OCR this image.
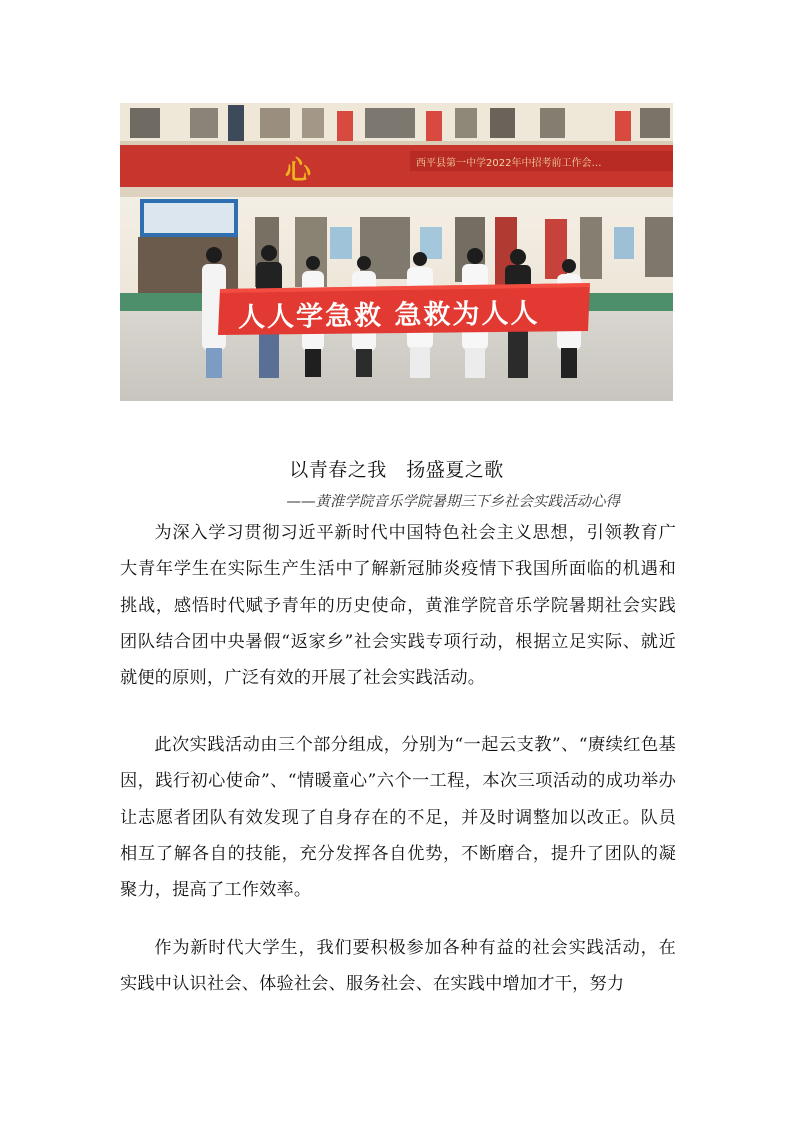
心	西平县第一中学2022年中招考前工作会…
人人学急救 急救为人人
以青春之我   扬盛夏之歌
——黄淮学院音乐学院暑期三下乡社会实践活动心得

为深入学习贯彻习近平新时代中国特色社会主义思想，引领教育广大青年学生在实际生产生活中了解新冠肺炎疫情下我国所面临的机遇和挑战，感悟时代赋予青年的历史使命，黄淮学院音乐学院暑期社会实践团队结合团中央暑假“返家乡”社会实践专项行动，根据立足实际、就近就便的原则，广泛有效的开展了社会实践活动。

此次实践活动由三个部分组成，分别为“一起云支教”、“赓续红色基因，践行初心使命”、“情暖童心”六个一工程，本次三项活动的成功举办让志愿者团队有效发现了自身存在的不足，并及时调整加以改正。队员相互了解各自的技能，充分发挥各自优势，不断磨合，提升了团队的凝聚力，提高了工作效率。

作为新时代大学生，我们要积极参加各种有益的社会实践活动，在实践中认识社会、体验社会、服务社会、在实践中增加才干，努力
